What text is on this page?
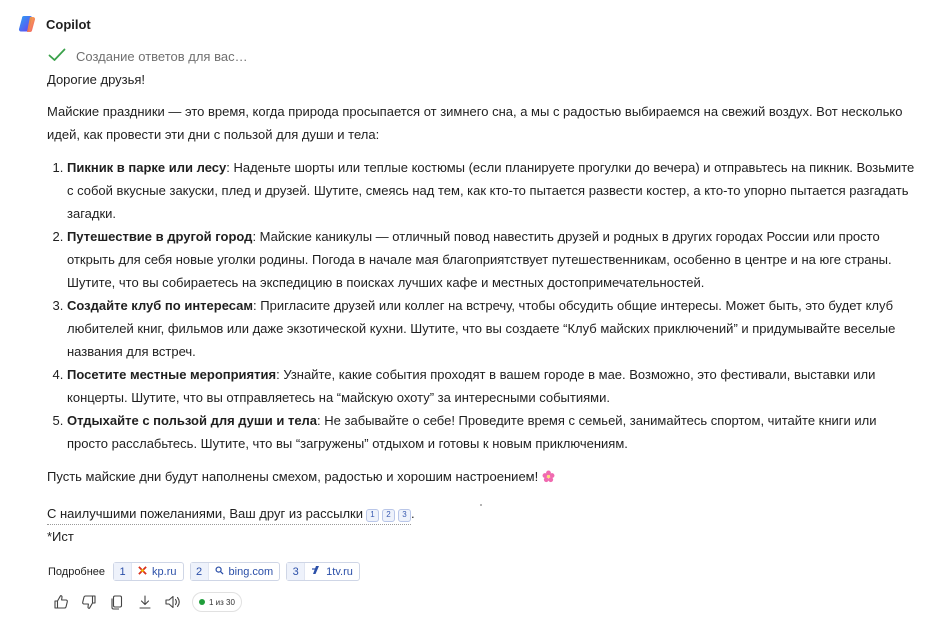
Copilot
Создание ответов для вас…

Дорогие друзья!

Майские праздники — это время, когда природа просыпается от зимнего сна, а мы с радостью выбираемся на свежий воздух. Вот несколько идей, как провести эти дни с пользой для души и тела:

1. Пикник в парке или лесу: Наденьте шорты или теплые костюмы (если планируете прогулки до вечера) и отправьтесь на пикник. Возьмите с собой вкусные закуски, плед и друзей. Шутите, смеясь над тем, как кто-то пытается развести костер, а кто-то упорно пытается разгадать загадки.
2. Путешествие в другой город: Майские каникулы — отличный повод навестить друзей и родных в других городах России или просто открыть для себя новые уголки родины. Погода в начале мая благоприятствует путешественникам, особенно в центре и на юге страны. Шутите, что вы собираетесь на экспедицию в поисках лучших кафе и местных достопримечательностей.
3. Создайте клуб по интересам: Пригласите друзей или коллег на встречу, чтобы обсудить общие интересы. Может быть, это будет клуб любителей книг, фильмов или даже экзотической кухни. Шутите, что вы создаете “Клуб майских приключений” и придумывайте веселые названия для встреч.
4. Посетите местные мероприятия: Узнайте, какие события проходят в вашем городе в мае. Возможно, это фестивали, выставки или концерты. Шутите, что вы отправляетесь на “майскую охоту” за интересными событиями.
5. Отдыхайте с пользой для души и тела: Не забывайте о себе! Проведите время с семьей, занимайтесь спортом, читайте книги или просто расслабьтесь. Шутите, что вы “загружены” отдыхом и готовы к новым приключениям.

Пусть майские дни будут наполнены смехом, радостью и хорошим настроением!

С наилучшими пожеланиями, Ваш друг из рассылки 1 2 3 .

*Ист
Подробнее	1	kp.ru	2	bing.com	3	1tv.ru
1 из 30
